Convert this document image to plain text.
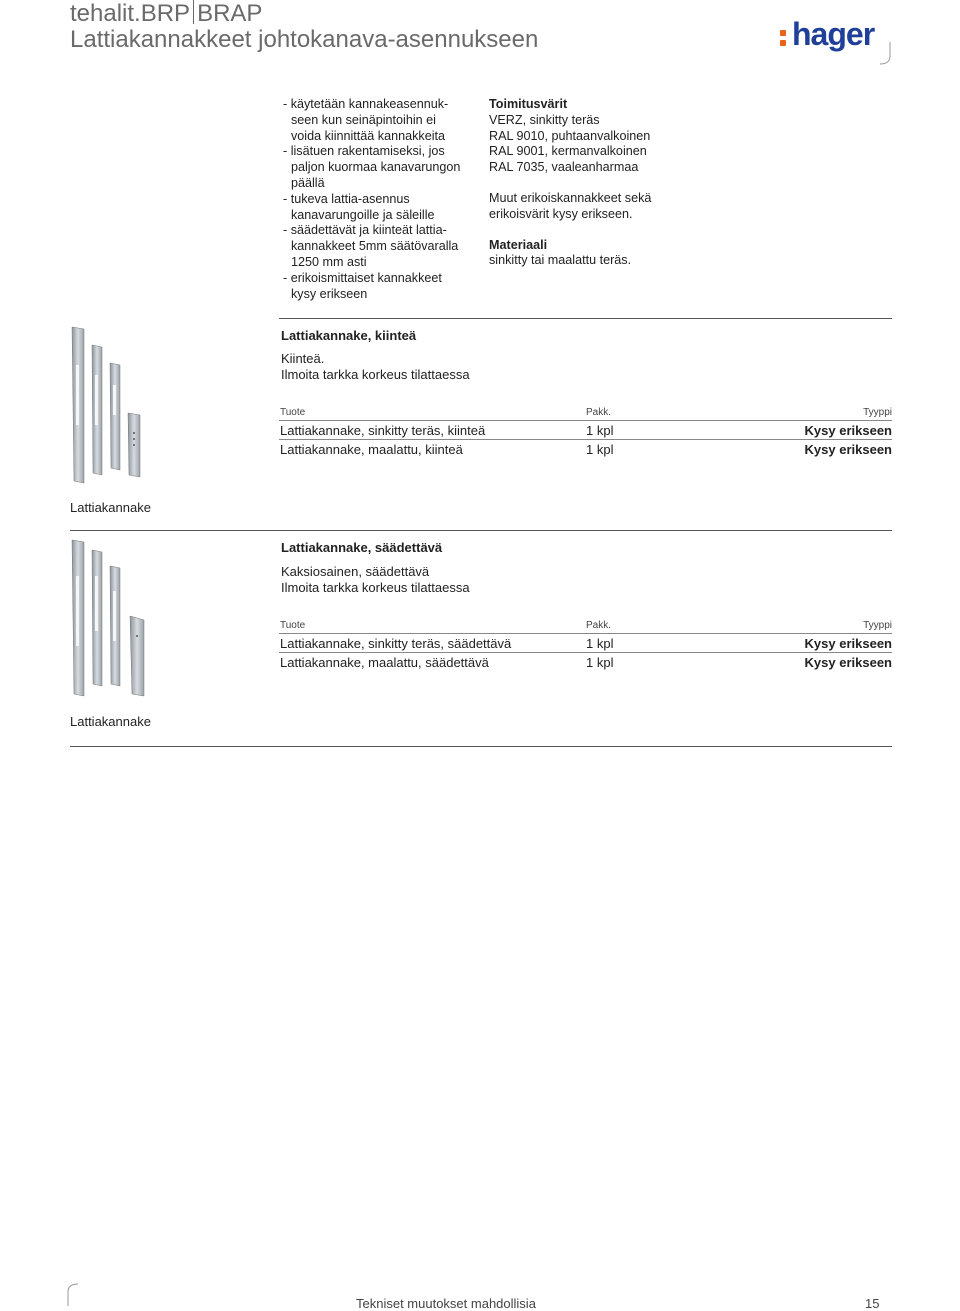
tehalit.BRP BRAP
Lattiakannakkeet johtokanava-asennukseen	hager
- käytetään kannakeasennuk-
seen kun seinäpintoihin ei
voida kiinnittää kannakkeita
- lisätuen rakentamiseksi, jos
paljon kuormaa kanavarungon
päällä
- tukeva lattia-asennus
kanavarungoille ja säleille
- säädettävät ja kiinteät lattia-
kannakkeet 5mm säätövaralla
1250 mm asti
- erikoismittaiset kannakkeet
kysy erikseen
Toimitusvärit
VERZ, sinkitty teräs
RAL 9010, puhtaanvalkoinen
RAL 9001, kermanvalkoinen
RAL 7035, vaaleanharmaa
Muut erikoiskannakkeet sekä
erikoisvärit kysy erikseen.
Materiaali
sinkitty tai maalattu teräs.
Lattiakannake, kiinteä
Kiinteä.
Ilmoita tarkka korkeus tilattaessa
Tuote	Pakk.	Tyyppi
Lattiakannake, sinkitty teräs, kiinteä	1 kpl	Kysy erikseen
Lattiakannake, maalattu, kiinteä	1 kpl	Kysy erikseen
Lattiakannake
Lattiakannake, säädettävä
Kaksiosainen, säädettävä
Ilmoita tarkka korkeus tilattaessa
Tuote	Pakk.	Tyyppi
Lattiakannake, sinkitty teräs, säädettävä	1 kpl	Kysy erikseen
Lattiakannake, maalattu, säädettävä	1 kpl	Kysy erikseen
Lattiakannake
Tekniset muutokset mahdollisia	15
